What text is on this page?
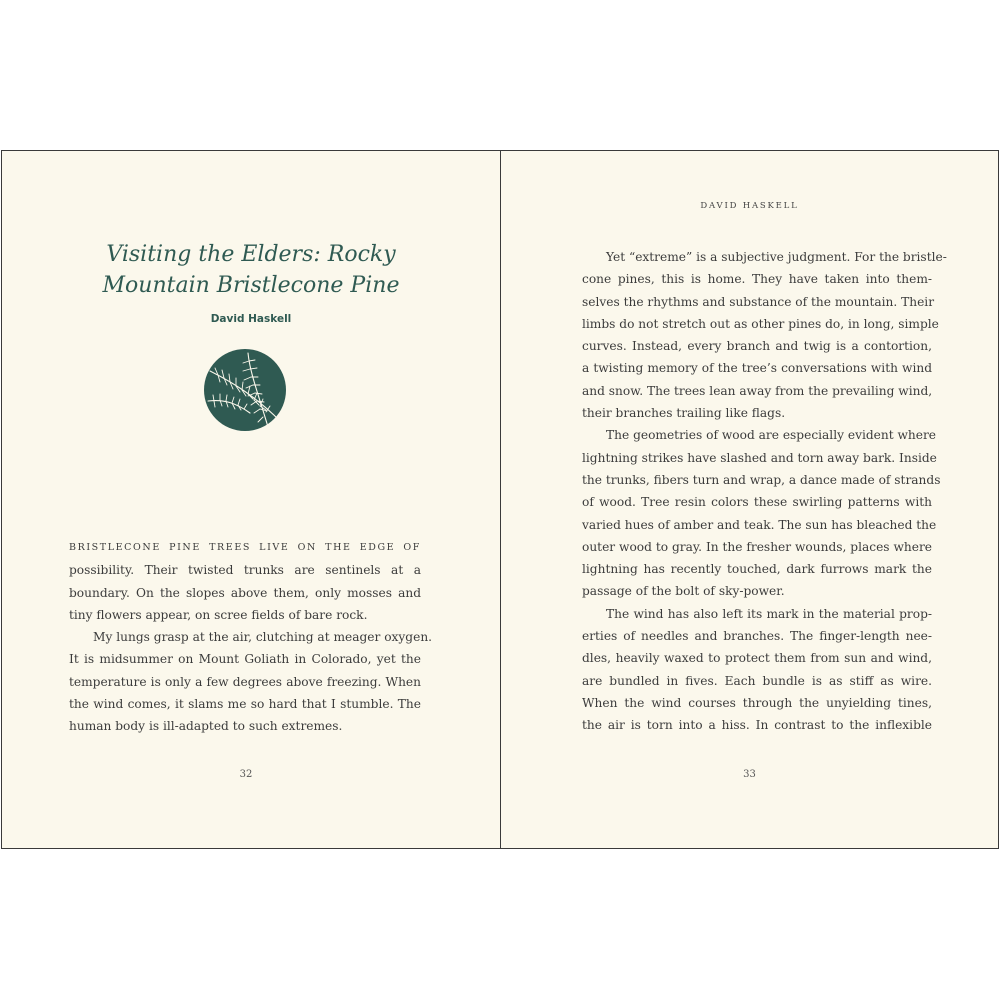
Visiting the Elders: Rocky
Mountain Bristlecone Pine
David Haskell
BRISTLECONE PINE TREES LIVE ON THE EDGE OF
possibility. Their twisted trunks are sentinels at a
boundary. On the slopes above them, only mosses and
tiny flowers appear, on scree fields of bare rock.
My lungs grasp at the air, clutching at meager oxygen.
It is midsummer on Mount Goliath in Colorado, yet the
temperature is only a few degrees above freezing. When
the wind comes, it slams me so hard that I stumble. The
human body is ill-adapted to such extremes.
32
DAVID HASKELL
Yet “extreme” is a subjective judgment. For the bristle-
cone pines, this is home. They have taken into them-
selves the rhythms and substance of the mountain. Their
limbs do not stretch out as other pines do, in long, simple
curves. Instead, every branch and twig is a contortion,
a twisting memory of the tree’s conversations with wind
and snow. The trees lean away from the prevailing wind,
their branches trailing like flags.
The geometries of wood are especially evident where
lightning strikes have slashed and torn away bark. Inside
the trunks, fibers turn and wrap, a dance made of strands
of wood. Tree resin colors these swirling patterns with
varied hues of amber and teak. The sun has bleached the
outer wood to gray. In the fresher wounds, places where
lightning has recently touched, dark furrows mark the
passage of the bolt of sky-power.
The wind has also left its mark in the material prop-
erties of needles and branches. The finger-length nee-
dles, heavily waxed to protect them from sun and wind,
are bundled in fives. Each bundle is as stiff as wire.
When the wind courses through the unyielding tines,
the air is torn into a hiss. In contrast to the inflexible
33
